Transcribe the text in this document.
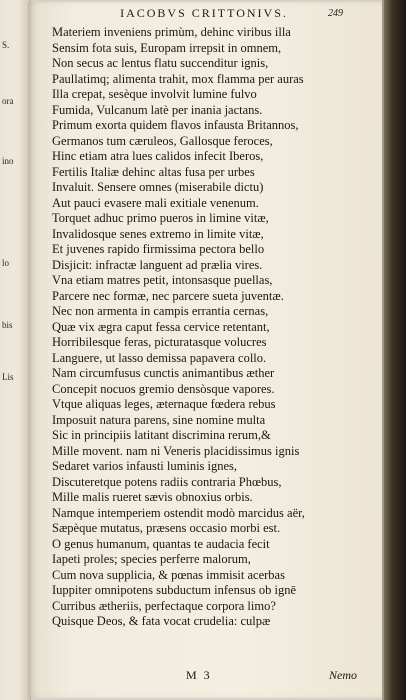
S.
ora
ino
lo
bis
Lis
IACOBVS CRITTONIVS.	249
Materiem inveniens primùm, dehinc viribus illa
Sensim fota suis, Europam irrepsit in omnem,
Non secus ac lentus flatu succenditur ignis,
Paullatimq; alimenta trahit, mox flamma per auras
Illa crepat, sesèque involvit lumine fulvo
Fumida, Vulcanum latè per inania jactans.
Primum exorta quidem flavos infausta Britannos,
Germanos tum cæruleos, Gallosque feroces,
Hinc etiam atra lues calidos infecit Iberos,
Fertilis Italiæ dehinc altas fusa per urbes
Invaluit. Sensere omnes (miserabile dictu)
Aut pauci evasere mali exitiale venenum.
Torquet adhuc primo pueros in limine vitæ,
Invalidosque senes extremo in limite vitæ,
Et juvenes rapido firmissima pectora bello
Disjicit: infractæ languent ad prælia vires.
Vna etiam matres petit, intonsasque puellas,
Parcere nec formæ, nec parcere sueta juventæ.
Nec non armenta in campis errantia cernas,
Quæ vix ægra caput fessa cervice retentant,
Horribilesque feras, picturatasque volucres
Languere, ut lasso demissa papavera collo.
Nam circumfusus cunctis animantibus æther
Concepit nocuos gremio densòsque vapores.
Vtque aliquas leges, æternaque fœdera rebus
Imposuit natura parens, sine nomine multa
Sic in principiis latitant discrimina rerum,&
Mille movent. nam ni Veneris placidissimus ignis
Sedaret varios infausti luminis ignes,
Discuteretque potens radiis contraria Phœbus,
Mille malis rueret sævis obnoxius orbis.
Namque intemperiem ostendit modò marcidus aër,
Sæpèque mutatus, præsens occasio morbi est.
O genus humanum, quantas te audacia fecit
Iapeti proles; species perferre malorum,
Cum nova supplicia, & pœnas immisit acerbas
Iuppiter omnipotens subductum infensus ob ignē
Curribus ætheriis, perfectaque corpora limo?
Quisque Deos, & fata vocat crudelia: culpæ
M 3	Nemo
